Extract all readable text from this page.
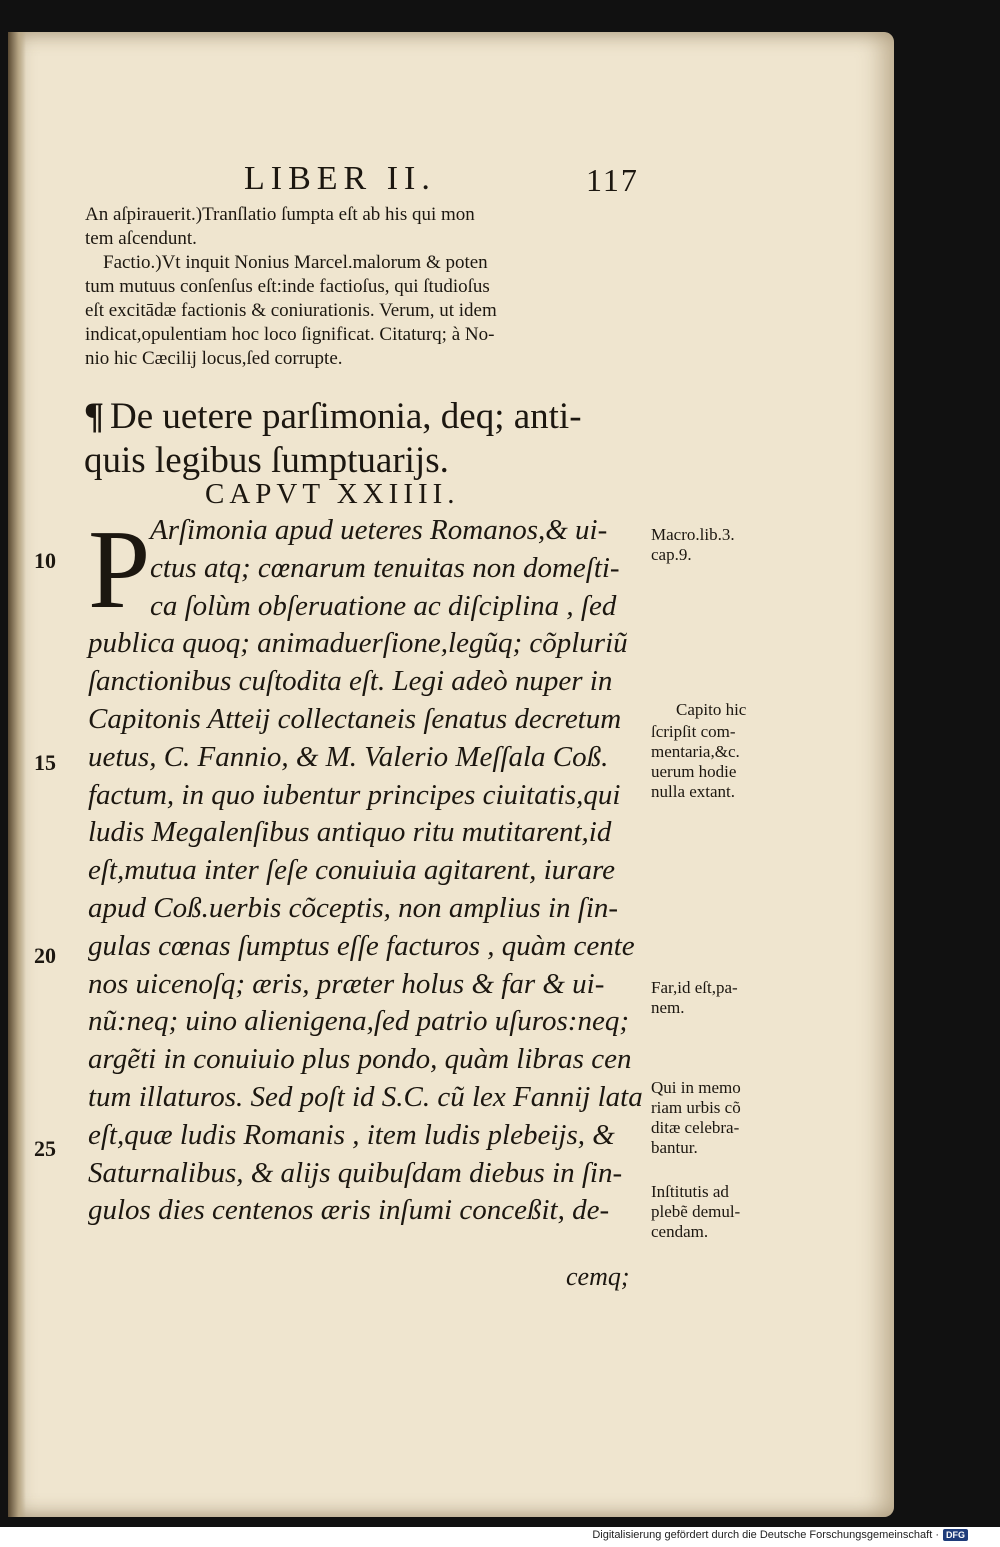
LIBER II.	117
An aſpirauerit.)Tranſlatio ſumpta eſt ab his qui mon
tem aſcendunt.
Factio.)Vt inquit Nonius Marcel.malorum & poten
tum mutuus conſenſus eſt:inde factioſus, qui ſtudioſus
eſt excitādæ factionis & coniurationis. Verum, ut idem
indicat,opulentiam hoc loco ſignificat. Citaturq; à No-
nio hic Cæcilij locus,ſed corrupte.
¶ De uetere parſimonia, deq; anti-
quis legibus ſumptuarijs.
CAPVT XXIIII.
P Arſimonia apud ueteres Romanos,& ui-
ctus atq; cœnarum tenuitas non domeſti-
ca ſolùm obſeruatione ac diſciplina , ſed
publica quoq; animaduerſione,legũq; cõpluriũ
ſanctionibus cuſtodita eſt. Legi adeò nuper in
Capitonis Atteij collectaneis ſenatus decretum
uetus, C. Fannio, & M. Valerio Meſſala Coß.
factum, in quo iubentur principes ciuitatis,qui
ludis Megalenſibus antiquo ritu mutitarent,id
eſt,mutua inter ſeſe conuiuia agitarent, iurare
apud Coß.uerbis cõceptis, non amplius in ſin-
gulas cœnas ſumptus eſſe facturos , quàm cente
nos uicenoſq; æris, præter holus & far & ui-
nũ:neq; uino alienigena,ſed patrio uſuros:neq;
argẽti in conuiuio plus pondo, quàm libras cen
tum illaturos. Sed poſt id S.C. cũ lex Fannij lata
eſt,quæ ludis Romanis , item ludis plebeijs, &
Saturnalibus, & alijs quibuſdam diebus in ſin-
gulos dies centenos æris inſumi conceßit, de-
cemq;
10
15
20
25
Macro.lib.3.
cap.9.
Capito hic
ſcripſit com-
mentaria,&c.
uerum hodie
nulla extant.
Far,id eſt,pa-
nem.
Qui in memo
riam urbis cõ
ditæ celebra-
bantur.
Inſtitutis ad
plebẽ demul-
cendam.
Digitalisierung gefördert durch die Deutsche Forschungsgemeinschaft · DFG
